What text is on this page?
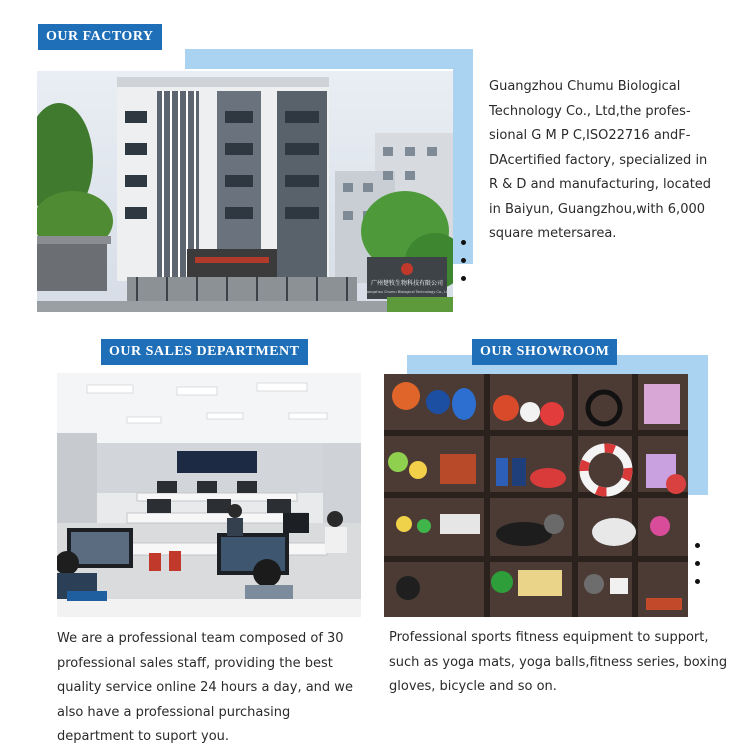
OUR FACTORY
广州楚牧生物科技有限公司
Guangzhou Chumu Biological Technology Co., Ltd.
Guangzhou Chumu Biological
Technology Co., Ltd,the profes-
sional G M P C,ISO22716 andF-
DAcertified factory, specialized in
R & D and manufacturing, located
in Baiyun, Guangzhou,with 6,000
square metersarea.
OUR SALES DEPARTMENT
We are a professional team composed of 30
professional sales staff, providing the best
quality service online 24 hours a day, and we
also have a professional purchasing
department to suport you.
OUR SHOWROOM
Professional sports fitness equipment to support,
such as yoga mats, yoga balls,fitness series, boxing
gloves, bicycle and so on.
